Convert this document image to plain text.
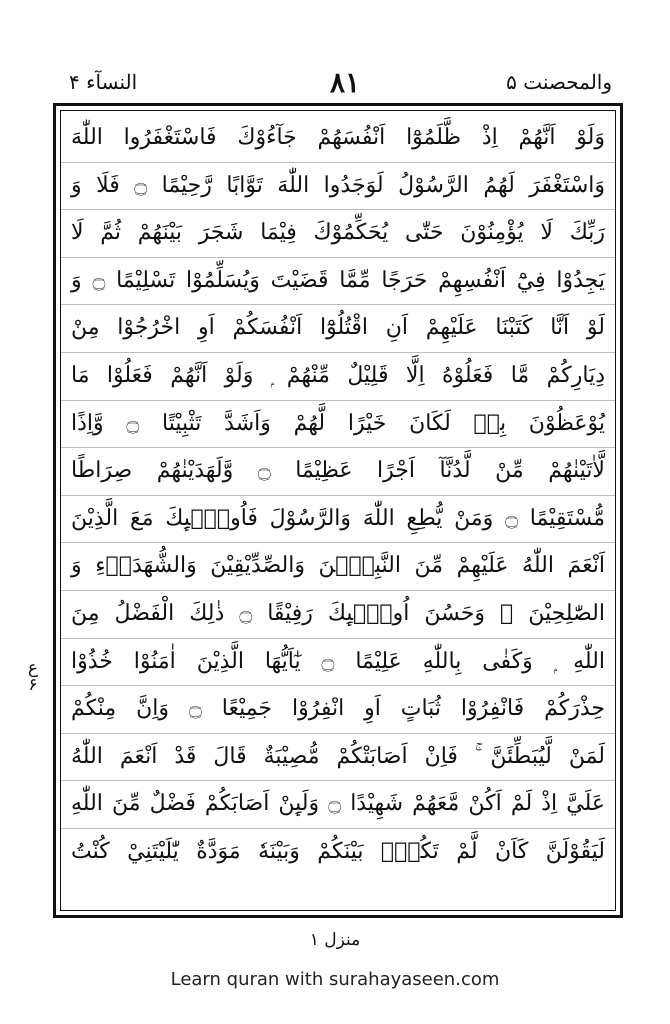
النسآء ۴	۸۱	والمحصنت ۵
وَلَوْ اَنَّهُمْ اِذْ ظَّلَمُوْٓا اَنْفُسَهُمْ جَآءُوْكَ فَاسْتَغْفَرُوا اللّٰهَ
وَاسْتَغْفَرَ لَهُمُ الرَّسُوْلُ لَوَجَدُوا اللّٰهَ تَوَّابًا رَّحِيْمًا ۝ فَلَا وَ
رَبِّكَ لَا يُؤْمِنُوْنَ حَتّٰى يُحَكِّمُوْكَ فِيْمَا شَجَرَ بَيْنَهُمْ ثُمَّ لَا
يَجِدُوْا فِيْٓ اَنْفُسِهِمْ حَرَجًا مِّمَّا قَضَيْتَ وَيُسَلِّمُوْا تَسْلِيْمًا ۝ وَ
لَوْ اَنَّا كَتَبْنَا عَلَيْهِمْ اَنِ اقْتُلُوْٓا اَنْفُسَكُمْ اَوِ اخْرُجُوْا مِنْ
دِيَارِكُمْ مَّا فَعَلُوْهُ اِلَّا قَلِيْلٌ مِّنْهُمْ ۭ وَلَوْ اَنَّهُمْ فَعَلُوْا مَا
يُوْعَظُوْنَ بِهٖ لَكَانَ خَيْرًا لَّهُمْ وَاَشَدَّ تَثْبِيْتًا ۝ وَّاِذًا
لَّاٰتَيْنٰهُمْ مِّنْ لَّدُنَّآ اَجْرًا عَظِيْمًا ۝ وَّلَهَدَيْنٰهُمْ صِرَاطًا
مُّسْتَقِيْمًا ۝ وَمَنْ يُّطِعِ اللّٰهَ وَالرَّسُوْلَ فَاُولٰۗىِٕكَ مَعَ الَّذِيْنَ
اَنْعَمَ اللّٰهُ عَلَيْهِمْ مِّنَ النَّبِيّٖنَ وَالصِّدِّيْقِيْنَ وَالشُّهَدَاۗءِ وَ
الصّٰلِحِيْنَ ۚ وَحَسُنَ اُولٰۗىِٕكَ رَفِيْقًا ۝ ذٰلِكَ الْفَضْلُ مِنَ
اللّٰهِ ۭ وَكَفٰى بِاللّٰهِ عَلِيْمًا ۝ يٰٓاَيُّهَا الَّذِيْنَ اٰمَنُوْا خُذُوْا
حِذْرَكُمْ فَانْفِرُوْا ثُبَاتٍ اَوِ انْفِرُوْا جَمِيْعًا ۝ وَاِنَّ مِنْكُمْ
لَمَنْ لَّيُبَطِّئَنَّ ۚ فَاِنْ اَصَابَتْكُمْ مُّصِيْبَةٌ قَالَ قَدْ اَنْعَمَ اللّٰهُ
عَلَيَّ اِذْ لَمْ اَكُنْ مَّعَهُمْ شَهِيْدًا ۝ وَلَىِٕنْ اَصَابَكُمْ فَضْلٌ مِّنَ اللّٰهِ
لَيَقُوْلَنَّ كَاَنْ لَّمْ تَكُنْۢ بَيْنَكُمْ وَبَيْنَهٗ مَوَدَّةٌ يّٰلَيْتَنِيْ كُنْتُ
ع
۶
منزل ۱
Learn quran with surahayaseen.com
